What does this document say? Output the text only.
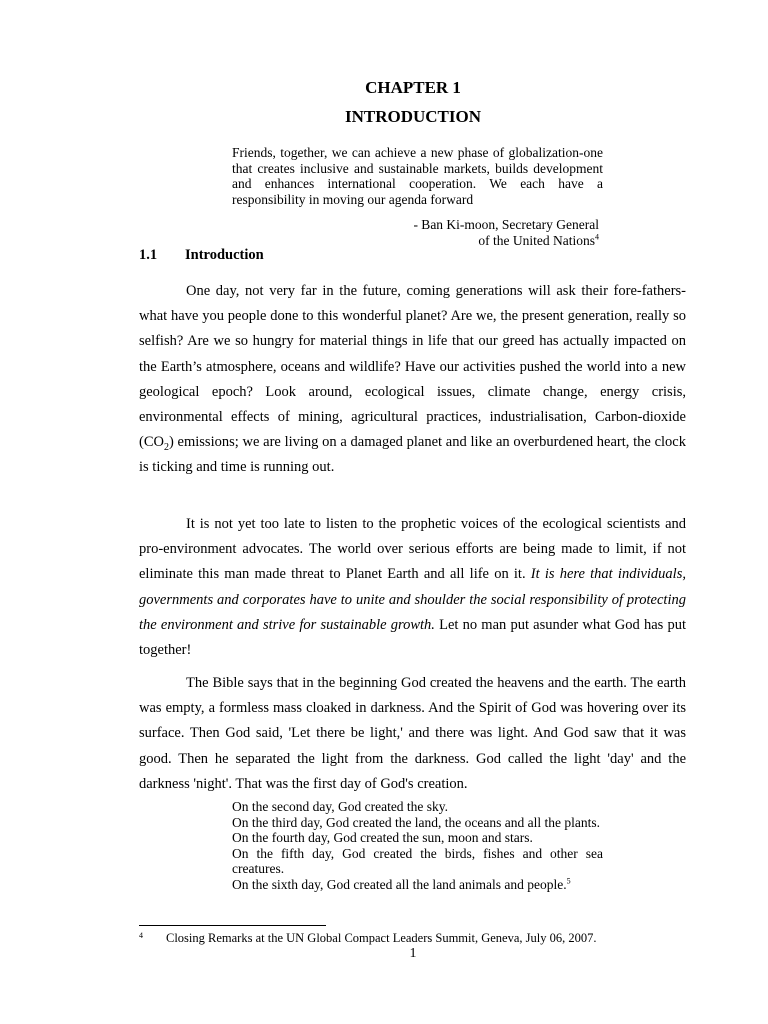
CHAPTER 1
INTRODUCTION
Friends, together, we can achieve a new phase of globalization-one that creates inclusive and sustainable markets, builds development and enhances international cooperation. We each have a responsibility in moving our agenda forward
- Ban Ki-moon, Secretary General
of the United Nations$^4$
1.1 Introduction
One day, not very far in the future, coming generations will ask their fore-fathers-what have you people done to this wonderful planet? Are we, the present generation, really so selfish? Are we so hungry for material things in life that our greed has actually impacted on the Earth’s atmosphere, oceans and wildlife? Have our activities pushed the world into a new geological epoch? Look around, ecological issues, climate change, energy crisis, environmental effects of mining, agricultural practices, industrialisation, Carbon-dioxide $(CO_2)$ emissions; we are living on a damaged planet and like an overburdened heart, the clock is ticking and time is running out.
It is not yet too late to listen to the prophetic voices of the ecological scientists and pro-environment advocates. The world over serious efforts are being made to limit, if not eliminate this man made threat to Planet Earth and all life on it. It is here that individuals, governments and corporates have to unite and shoulder the social responsibility of protecting the environment and strive for sustainable growth. Let no man put asunder what God has put together!
The Bible says that in the beginning God created the heavens and the earth. The earth was empty, a formless mass cloaked in darkness. And the Spirit of God was hovering over its surface. Then God said, 'Let there be light,' and there was light. And God saw that it was good. Then he separated the light from the darkness. God called the light 'day' and the darkness 'night'. That was the first day of God's creation.
On the second day, God created the sky.
On the third day, God created the land, the oceans and all the plants.
On the fourth day, God created the sun, moon and stars.
On the fifth day, God created the birds, fishes and other sea creatures.
On the sixth day, God created all the land animals and people.$^5$
4 Closing Remarks at the UN Global Compact Leaders Summit, Geneva, July 06, 2007.
1
